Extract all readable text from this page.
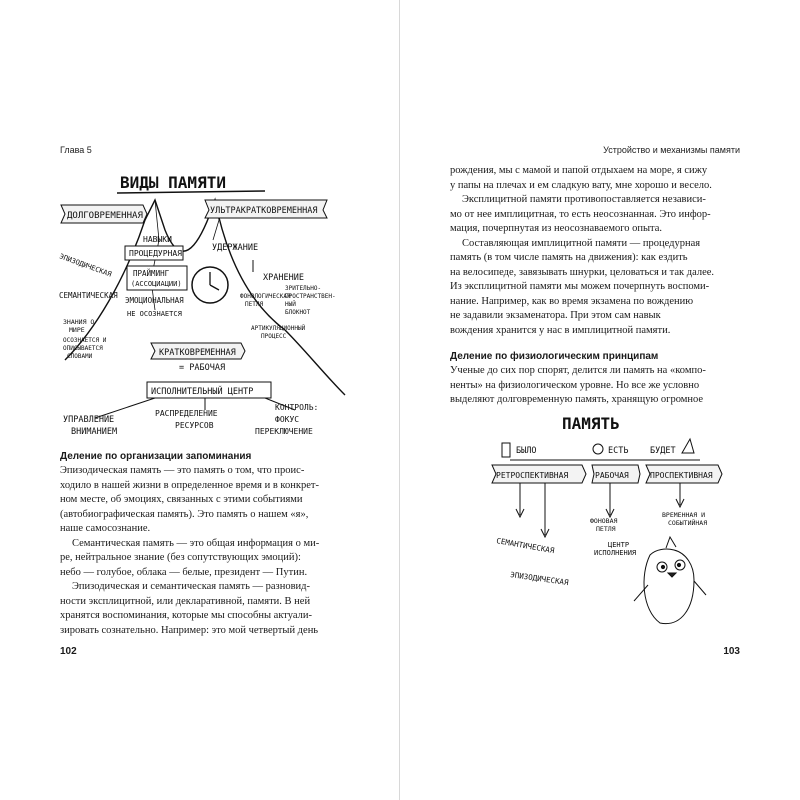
Глава 5
ВИДЫ ПАМЯТИ
ДОЛГОВРЕМЕННАЯ	УЛЬТРАКРАТКОВРЕМЕННАЯ
НАВЫКИ
ПРОЦЕДУРНАЯ
УДЕРЖАНИЕ
ЭПИЗОДИЧЕСКАЯ	ПРАЙМИНГ
(АССОЦИАЦИИ)
ХРАНЕНИЕ
СЕМАНТИЧЕСКАЯ
ЭМОЦИОНАЛЬНАЯ
НЕ ОСОЗНАЕТСЯ
ФОНОЛОГИЧЕСКАЯ
ПЕТЛЯ
ЗРИТЕЛЬНО-
ПРОСТРАНСТВЕН-
НЫЙ
БЛОКНОТ
ЗНАНИЯ О
МИРЕ
ОСОЗНАЕТСЯ И
ОПИСЫВАЕТСЯ
СЛОВАМИ
АРТИКУЛЯЦИОННЫЙ
ПРОЦЕСС
КРАТКОВРЕМЕННАЯ
= РАБОЧАЯ
ИСПОЛНИТЕЛЬНЫЙ ЦЕНТР
УПРАВЛЕНИЕ
ВНИМАНИЕМ
РАСПРЕДЕЛЕНИЕ
РЕСУРСОВ
КОНТРОЛЬ:
ФОКУС
ПЕРЕКЛЮЧЕНИЕ
Деление по организации запоминания
Эпизодическая память — это память о том, что проис-
ходило в нашей жизни в определенное время и в конкрет-
ном месте, об эмоциях, связанных с этими событиями
(автобиографическая память). Это память о нашем «я»,
наше самосознание.
Семантическая память — это общая информация о ми-
ре, нейтральное знание (без сопутствующих эмоций):
небо — голубое, облака — белые, президент — Путин.
Эпизодическая и семантическая память — разновид-
ности эксплицитной, или декларативной, памяти. В ней
хранятся воспоминания, которые мы способны актуали-
зировать сознательно. Например: это мой четвертый день
102
Устройство и механизмы памяти
рождения, мы с мамой и папой отдыхаем на море, я сижу
у папы на плечах и ем сладкую вату, мне хорошо и весело.
Эксплицитной памяти противопоставляется независи-
мо от нее имплицитная, то есть неосознанная. Это инфор-
мация, почерпнутая из неосознаваемого опыта.
Составляющая имплицитной памяти — процедурная
память (в том числе память на движения): как ездить
на велосипеде, завязывать шнурки, целоваться и так далее.
Из эксплицитной памяти мы можем почерпнуть воспоми-
нание. Например, как во время экзамена по вождению
не задавили экзаменатора. При этом сам навык
вождения хранится у нас в имплицитной памяти.
Деление по физиологическим принципам
Ученые до сих пор спорят, делится ли память на «компо-
ненты» на физиологическом уровне. Но все же условно
выделяют долговременную память, хранящую огромное
ПАМЯТЬ
БЫЛО	ЕСТЬ	БУДЕТ
РЕТРОСПЕКТИВНАЯ	РАБОЧАЯ	ПРОСПЕКТИВНАЯ
ФОНОВАЯ
ПЕТЛЯ
ЦЕНТР
ИСПОЛНЕНИЯ
ВРЕМЕННАЯ И
СОБЫТИЙНАЯ
СЕМАНТИЧЕСКАЯ
ЭПИЗОДИЧЕСКАЯ
103
